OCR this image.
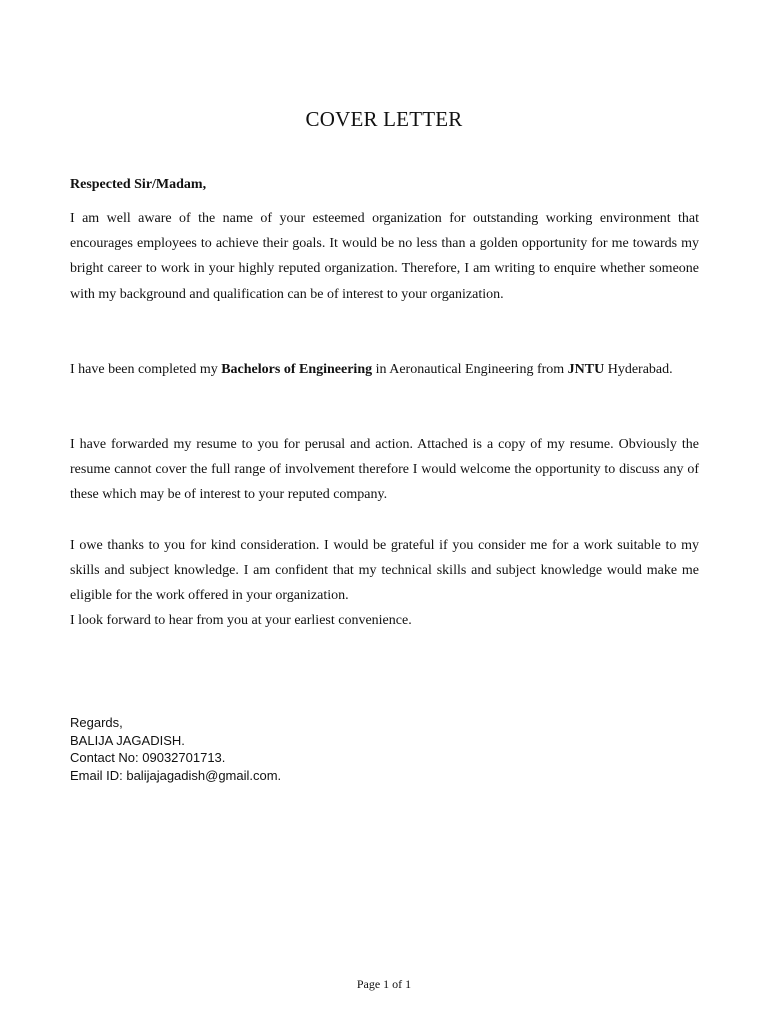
COVER LETTER
Respected Sir/Madam,

I am well aware of the name of your esteemed organization for outstanding working environment that encourages employees to achieve their goals. It would be no less than a golden opportunity for me towards my bright career to work in your highly reputed organization. Therefore, I am writing to enquire whether someone with my background and qualification can be of interest to your organization.

I have been completed my Bachelors of Engineering in Aeronautical Engineering from JNTU Hyderabad.

I have forwarded my resume to you for perusal and action. Attached is a copy of my resume. Obviously the resume cannot cover the full range of involvement therefore I would welcome the opportunity to discuss any of these which may be of interest to your reputed company.

I owe thanks to you for kind consideration. I would be grateful if you consider me for a work suitable to my skills and subject knowledge. I am confident that my technical skills and subject knowledge would make me eligible for the work offered in your organization.

I look forward to hear from you at your earliest convenience.

Regards,
BALIJA JAGADISH.
Contact No: 09032701713.
Email ID: balijajagadish@gmail.com.
Page 1 of 1
